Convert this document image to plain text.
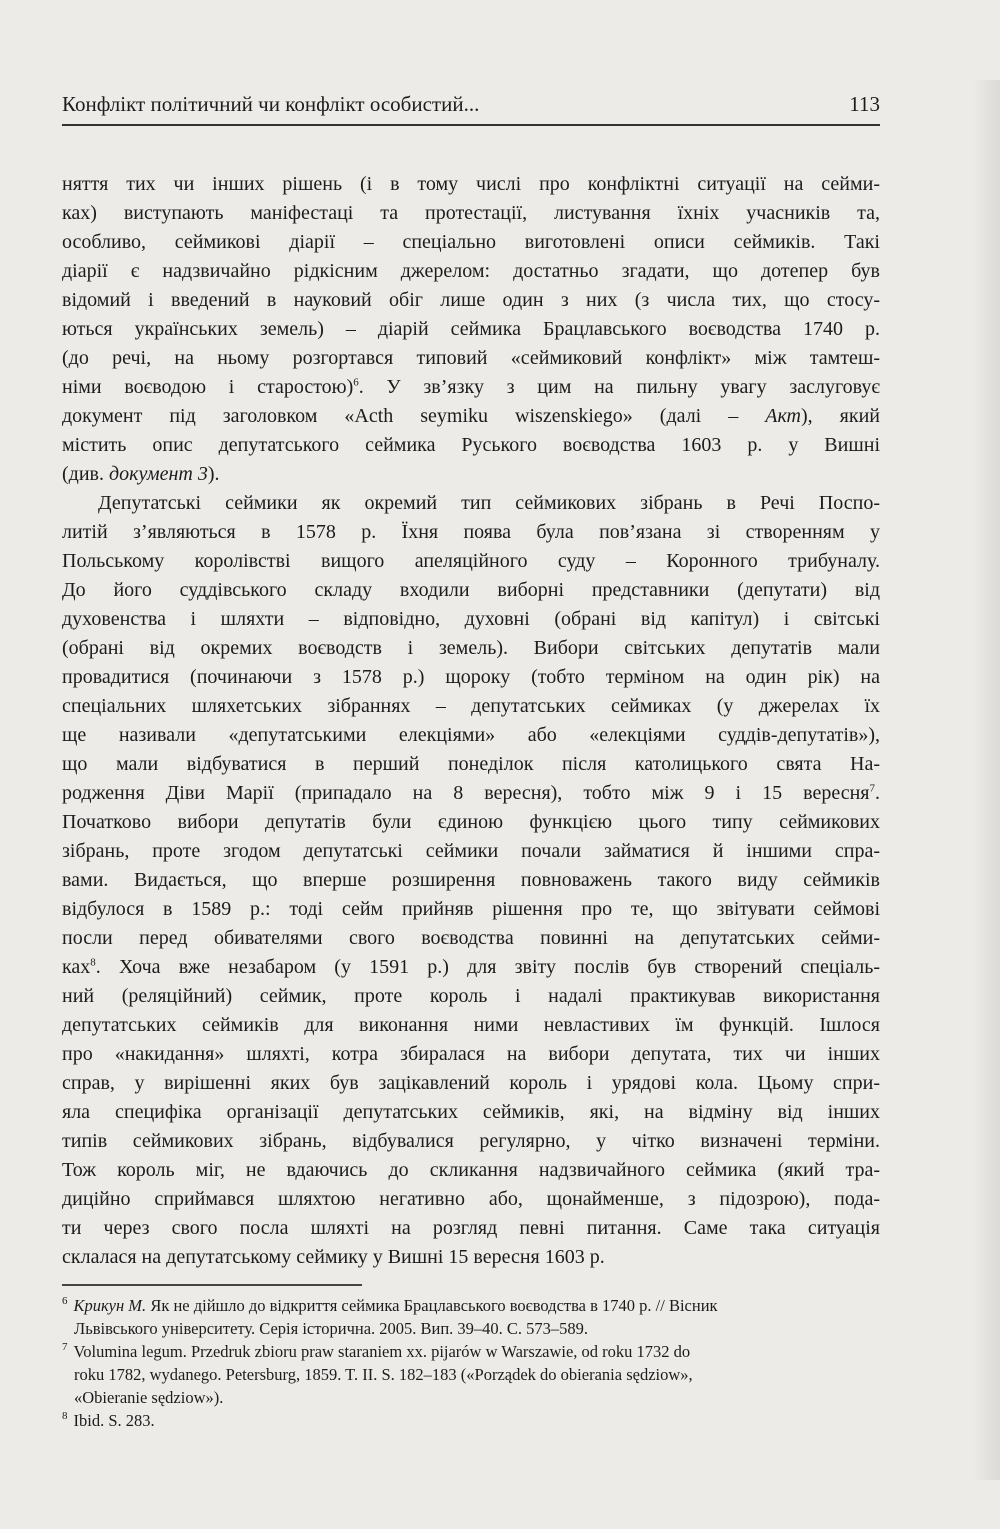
Конфлікт політичний чи конфлікт особистий...	113
няття тих чи інших рішень (і в тому числі про конфліктні ситуації на сейми-
ках) виступають маніфестаці та протестації, листування їхніх учасників та,
особливо, сеймикові діарії – спеціально виготовлені описи сеймиків. Такі
діарії є надзвичайно рідкісним джерелом: достатньо згадати, що дотепер був
відомий і введений в науковий обіг лише один з них (з числа тих, що стосу-
ються українських земель) – діарій сеймика Брацлавського воєводства 1740 р.
(до речі, на ньому розгортався типовий «сеймиковий конфлікт» між тамтеш-
німи воєводою і старостою)$^6$. У зв’язку з цим на пильну увагу заслуговує
документ під заголовком «Acth seymiku wiszenskiego» (далі – Акт), який
містить опис депутатського сеймика Руського воєводства 1603 р. у Вишні
(див. документ 3).
Депутатські сеймики як окремий тип сеймикових зібрань в Речі Поспо-
литій з’являються в 1578 р. Їхня поява була пов’язана зі створенням у
Польському королівстві вищого апеляційного суду – Коронного трибуналу.
До його суддівського складу входили виборні представники (депутати) від
духовенства і шляхти – відповідно, духовні (обрані від капітул) і світські
(обрані від окремих воєводств і земель). Вибори світських депутатів мали
провадитися (починаючи з 1578 р.) щороку (тобто терміном на один рік) на
спеціальних шляхетських зібраннях – депутатських сеймиках (у джерелах їх
ще називали «депутатськими елекціями» або «елекціями суддів-депутатів»),
що мали відбуватися в перший понеділок після католицького свята На-
родження Діви Марії (припадало на 8 вересня), тобто між 9 і 15 вересня$^7$.
Початково вибори депутатів були єдиною функцією цього типу сеймикових
зібрань, проте згодом депутатські сеймики почали займатися й іншими спра-
вами. Видається, що вперше розширення повноважень такого виду сеймиків
відбулося в 1589 р.: тоді сейм прийняв рішення про те, що звітувати сеймові
посли перед обивателями свого воєводства повинні на депутатських сейми-
ках$^8$. Хоча вже незабаром (у 1591 р.) для звіту послів був створений спеціаль-
ний (реляційний) сеймик, проте король і надалі практикував використання
депутатських сеймиків для виконання ними невластивих їм функцій. Ішлося
про «накидання» шляхті, котра збиралася на вибори депутата, тих чи інших
справ, у вирішенні яких був зацікавлений король і урядові кола. Цьому спри-
яла специфіка організації депутатських сеймиків, які, на відміну від інших
типів сеймикових зібрань, відбувалися регулярно, у чітко визначені терміни.
Тож король міг, не вдаючись до скликання надзвичайного сеймика (який тра-
диційно сприймався шляхтою негативно або, щонайменше, з підозрою), пода-
ти через свого посла шляхті на розгляд певні питання. Саме така ситуація
склалася на депутатському сеймику у Вишні 15 вересня 1603 р.
$^6$ Крикун М. Як не дійшло до відкриття сеймика Брацлавського воєводства в 1740 р. // Вісник
Львівського університету. Серія історична. 2005. Вип. 39–40. С. 573–589.
$^7$ Volumina legum. Przedruk zbioru praw staraniem xx. pijarów w Warszawie, od roku 1732 do
roku 1782, wydanego. Petersburg, 1859. T. II. S. 182–183 («Porządek do obierania sędziow»,
«Obieranie sędziow»).
$^8$ Ibid. S. 283.
